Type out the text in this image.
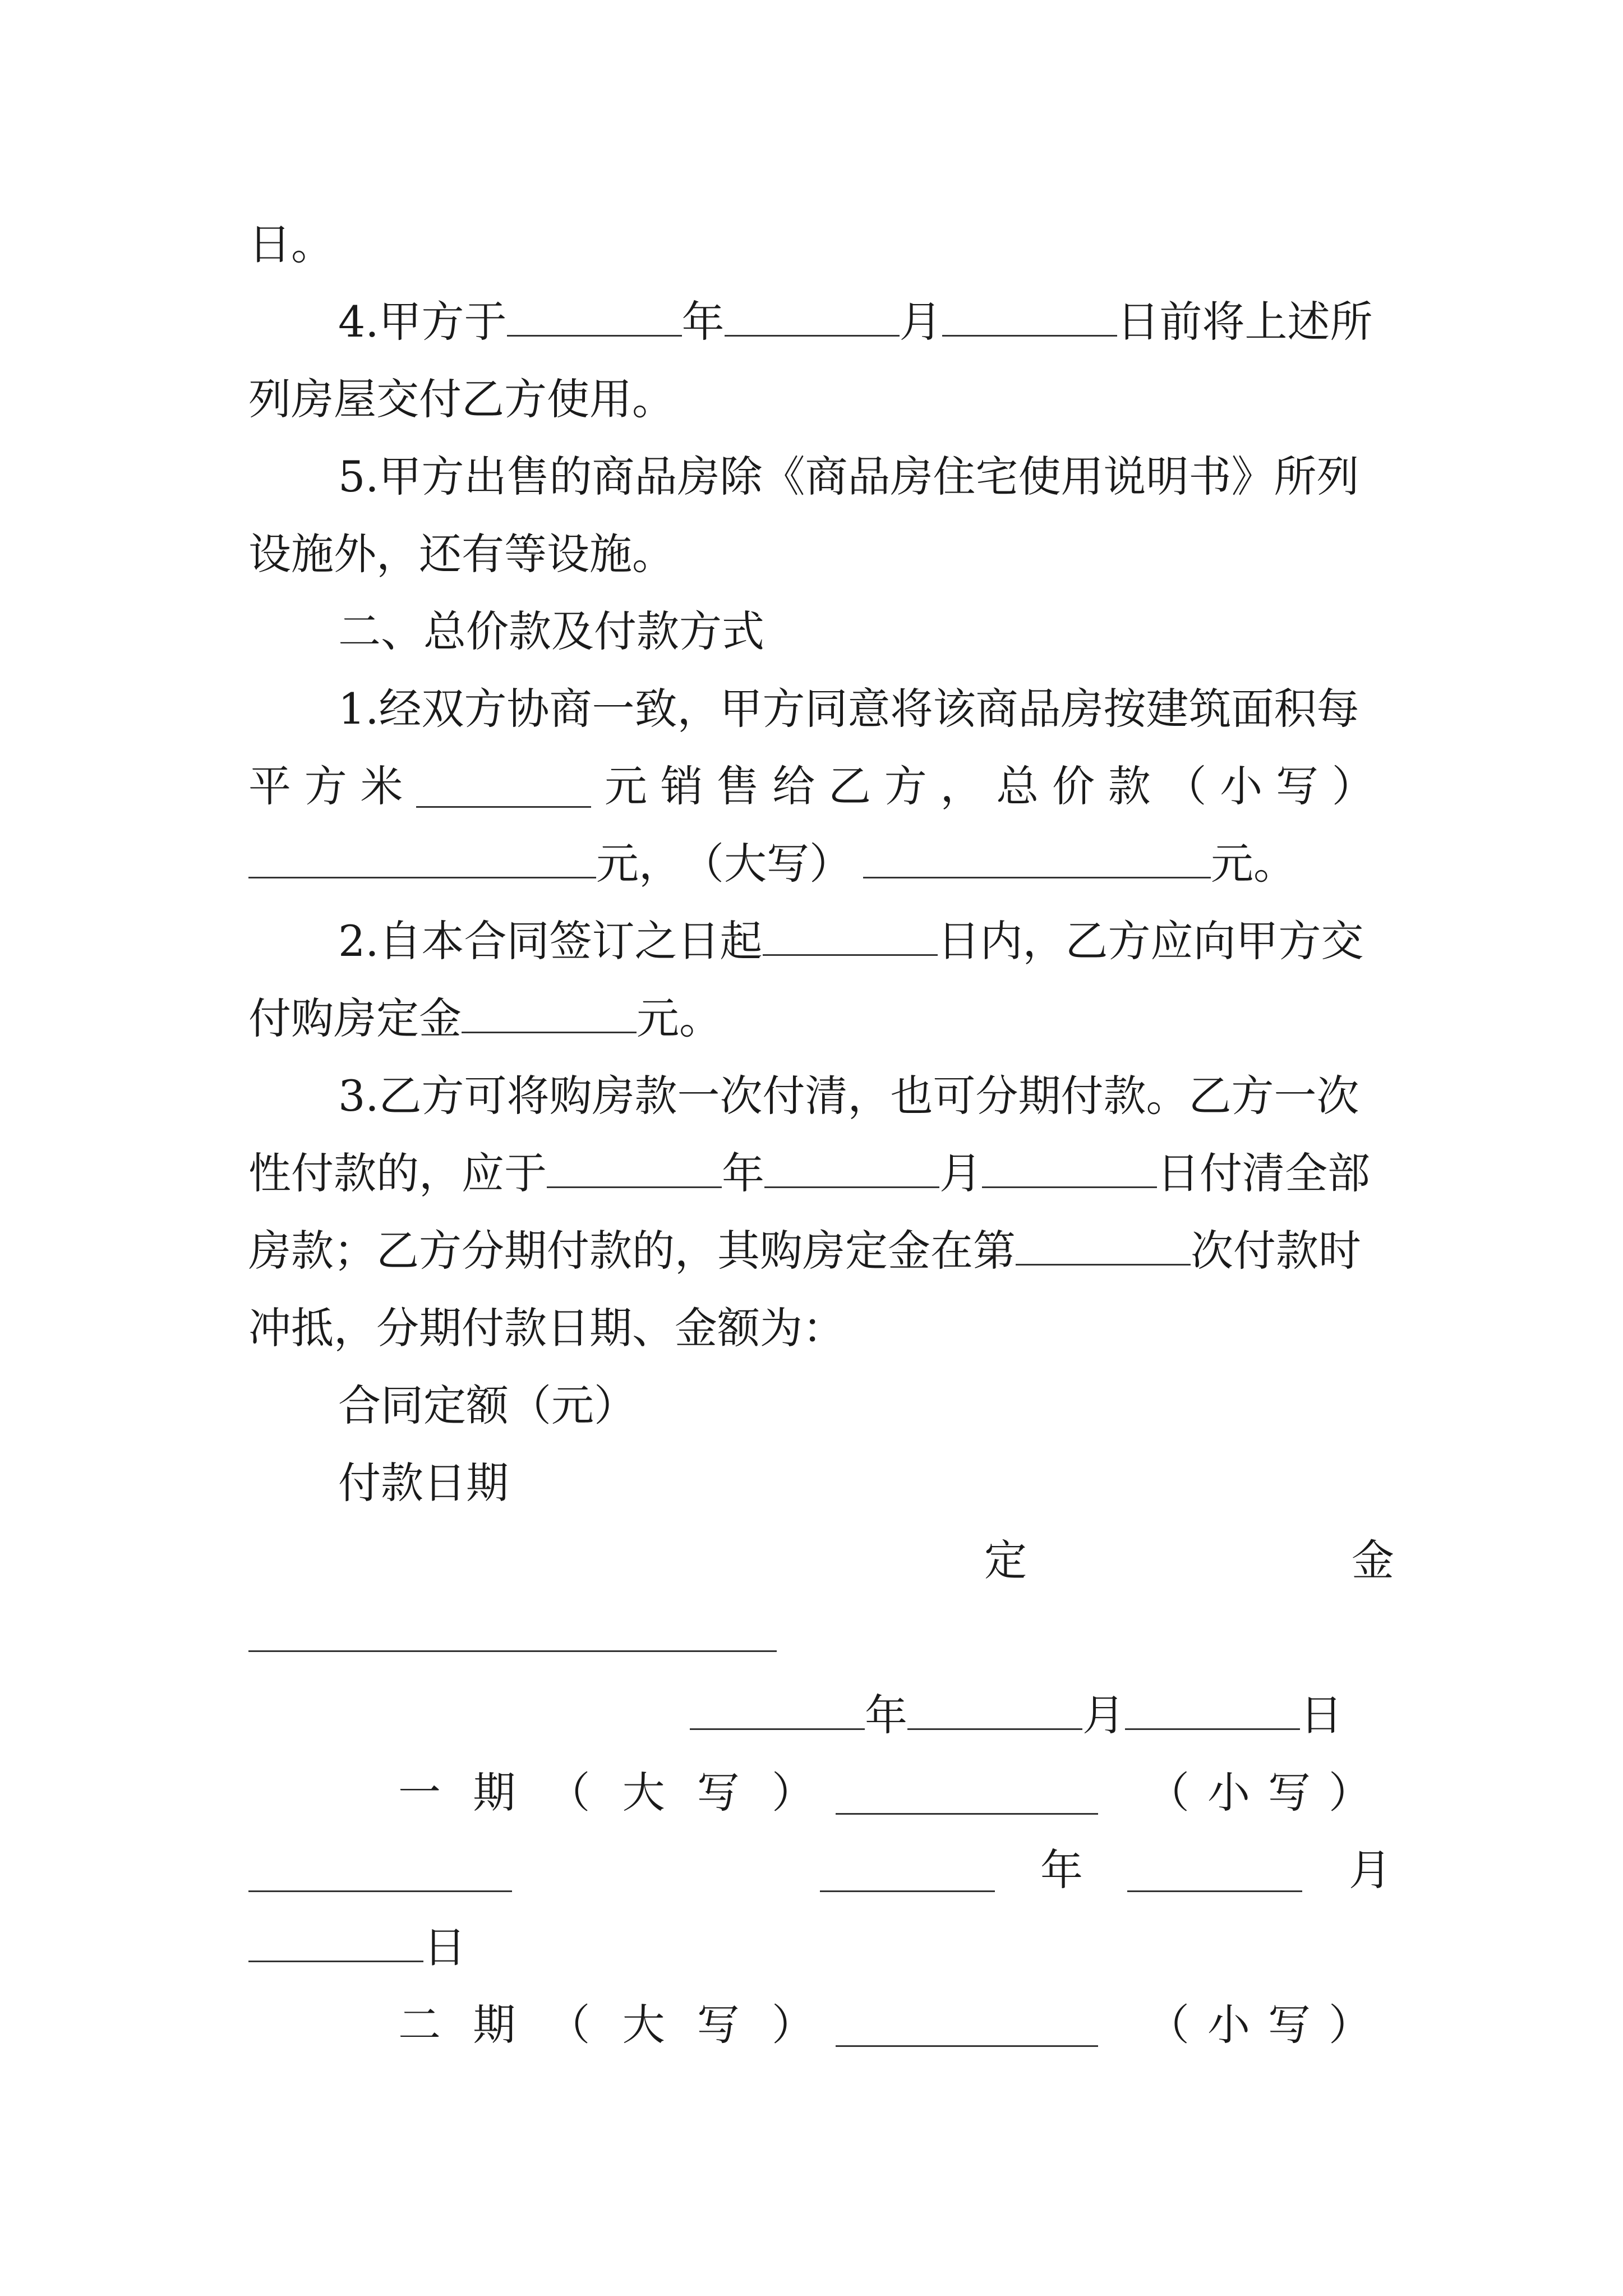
日。
4.甲方于	年	月	日前将上述所
列房屋交付乙方使用。
5.甲方出售的商品房除《商品房住宅使用说明书》所列
设施外，还有等设施。
二、总价款及付款方式
1.经双方协商一致，甲方同意将该商品房按建筑面积每
平 方 米	元 销 售 给 乙 方 ， 总 价 款 （ 小 写 ）
元，（大写）	元。
2.自本合同签订之日起	日内，乙方应向甲方交
付购房定金	元。
3.乙方可将购房款一次付清，也可分期付款。乙方一次
性付款的，应于	年	月	日付清全部
房款；乙方分期付款的，其购房定金在第	次付款时
冲抵，分期付款日期、金额为：
合同定额（元）
付款日期
定	金
年	月	日
一 期 （ 大 写 ）	（ 小 写 ）
年	月
日
二 期 （ 大 写 ）	（ 小 写 ）
